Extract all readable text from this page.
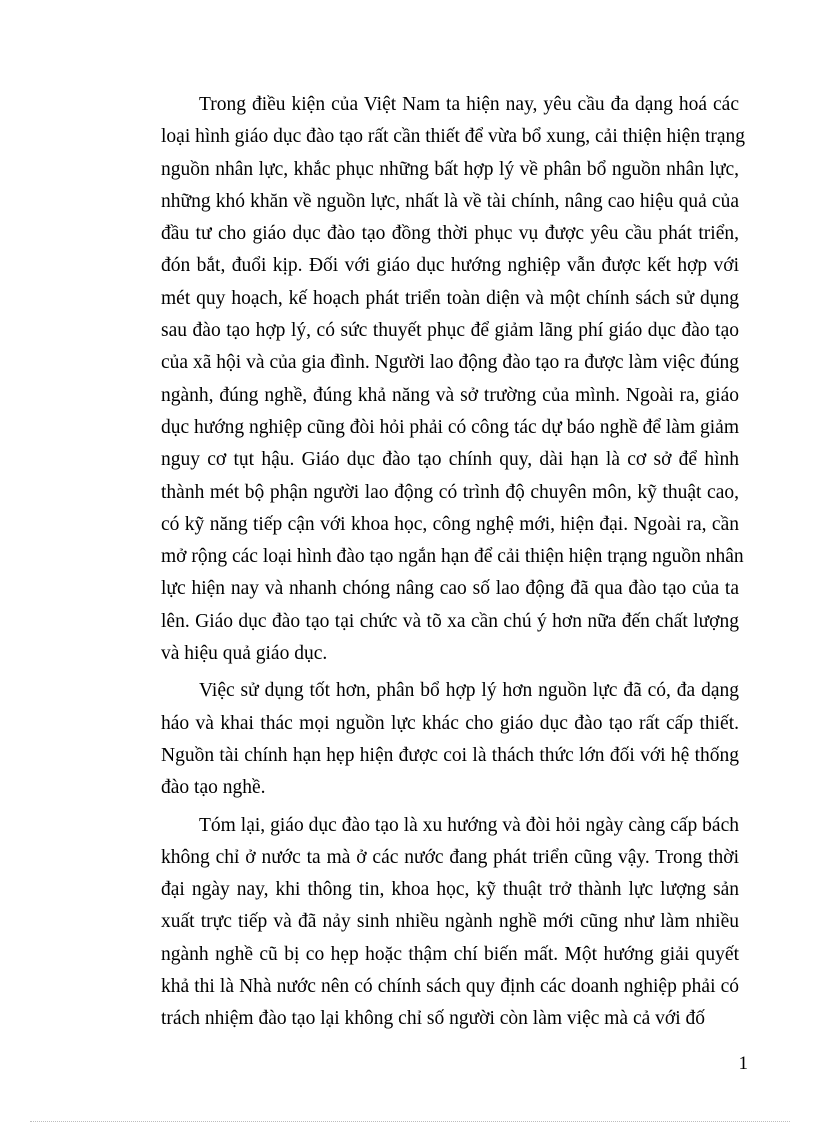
Trong điều kiện của Việt Nam ta hiện nay, yêu cầu đa dạng hoá các
loại hình giáo dục đào tạo rất cần thiết để vừa bổ xung, cải thiện hiện trạng
nguồn nhân lực, khắc phục những bất hợp lý về phân bổ nguồn nhân lực,
những khó khăn về nguồn lực, nhất là về tài chính, nâng cao hiệu quả của
đầu tư cho giáo dục đào tạo đồng thời phục vụ được yêu cầu phát triển,
đón bắt, đuổi kịp. Đối với giáo dục hướng nghiệp vẫn được kết hợp với
mét quy hoạch, kế hoạch phát triển toàn diện và một chính sách sử dụng
sau đào tạo hợp lý, có sức thuyết phục để giảm lãng phí giáo dục đào tạo
của xã hội và của gia đình. Người lao động đào tạo ra được làm việc đúng
ngành, đúng nghề, đúng khả năng và sở trường của mình. Ngoài ra, giáo
dục hướng nghiệp cũng đòi hỏi phải có công tác dự báo nghề để làm giảm
nguy cơ tụt hậu. Giáo dục đào tạo chính quy, dài hạn là cơ sở để hình
thành mét bộ phận người lao động có trình độ chuyên môn, kỹ thuật cao,
có kỹ năng tiếp cận với khoa học, công nghệ mới, hiện đại. Ngoài ra, cần
mở rộng các loại hình đào tạo ngắn hạn để cải thiện hiện trạng nguồn nhân
lực hiện nay và nhanh chóng nâng cao số lao động đã qua đào tạo của ta
lên. Giáo dục đào tạo tại chức và tõ xa cần chú ý hơn nữa đến chất lượng
và hiệu quả giáo dục.
Việc sử dụng tốt hơn, phân bổ hợp lý hơn nguồn lực đã có, đa dạng
háo và khai thác mọi nguồn lực khác cho giáo dục đào tạo rất cấp thiết.
Nguồn tài chính hạn hẹp hiện được coi là thách thức lớn đối với hệ thống
đào tạo nghề.
Tóm lại, giáo dục đào tạo là xu hướng và đòi hỏi ngày càng cấp bách
không chỉ ở nước ta mà ở các nước đang phát triển cũng vậy. Trong thời
đại ngày nay, khi thông tin, khoa học, kỹ thuật trở thành lực lượng sản
xuất trực tiếp và đã nảy sinh nhiều ngành nghề mới cũng như làm nhiều
ngành nghề cũ bị co hẹp hoặc thậm chí biến mất. Một hướng giải quyết
khả thi là Nhà nước nên có chính sách quy định các doanh nghiệp phải có
trách nhiệm đào tạo lại không chỉ số người còn làm việc mà cả với đố
1
